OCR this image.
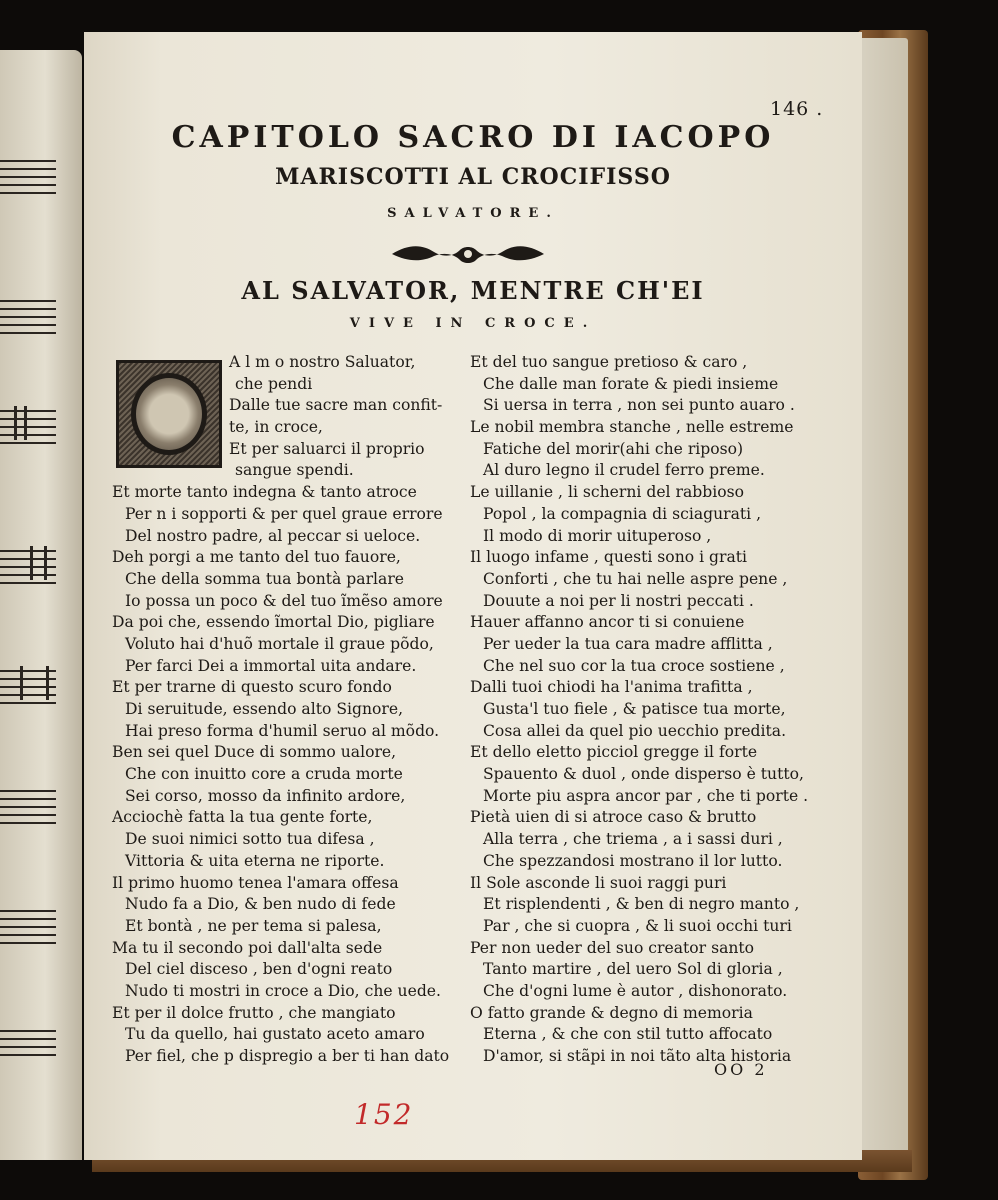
146 .
CAPITOLO SACRO DI IACOPO
MARISCOTTI AL CROCIFISSO
SALVATORE.
AL SALVATOR, MENTRE CH'EI
VIVE IN CROCE.
A l m o nostro Saluator,
che pendi
Dalle tue sacre man confit-
te, in croce,
Et per saluarci il proprio
sangue spendi.
Et morte tanto indegna & tanto atroce
Per n i sopporti & per quel graue errore
Del nostro padre, al peccar si ueloce.
Deh porgi a me tanto del tuo fauore,
Che della somma tua bontà parlare
Io possa un poco & del tuo ĩmẽso amore
Da poi che, essendo ĩmortal Dio, pigliare
Voluto hai d'huõ mortale il graue põdo,
Per farci Dei a immortal uita andare.
Et per trarne di questo scuro fondo
Di seruitude, essendo alto Signore,
Hai preso forma d'humil seruo al mõdo.
Ben sei quel Duce di sommo ualore,
Che con inuitto core a cruda morte
Sei corso, mosso da infinito ardore,
Acciochè fatta la tua gente forte,
De suoi nimici sotto tua difesa ,
Vittoria & uita eterna ne riporte.
Il primo huomo tenea l'amara offesa
Nudo fa a Dio, & ben nudo di fede
Et bontà , ne per tema si palesa,
Ma tu il secondo poi dall'alta sede
Del ciel disceso , ben d'ogni reato
Nudo ti mostri in croce a Dio, che uede.
Et per il dolce frutto , che mangiato
Tu da quello, hai gustato aceto amaro
Per fiel, che p dispregio a ber ti han dato
Et del tuo sangue pretioso & caro ,
Che dalle man forate & piedi insieme
Si uersa in terra , non sei punto auaro .
Le nobil membra stanche , nelle estreme
Fatiche del morir(ahi che riposo)
Al duro legno il crudel ferro preme.
Le uillanie , li scherni del rabbioso
Popol , la compagnia di sciagurati ,
Il modo di morir uituperoso ,
Il luogo infame , questi sono i grati
Conforti , che tu hai nelle aspre pene ,
Douute a noi per li nostri peccati .
Hauer affanno ancor ti si conuiene
Per ueder la tua cara madre afflitta ,
Che nel suo cor la tua croce sostiene ,
Dalli tuoi chiodi ha l'anima trafitta ,
Gusta'l tuo fiele , & patisce tua morte,
Cosa allei da quel pio uecchio predita.
Et dello eletto picciol gregge il forte
Spauento & duol , onde disperso è tutto,
Morte piu aspra ancor par , che ti porte .
Pietà uien di si atroce caso & brutto
Alla terra , che triema , a i sassi duri ,
Che spezzandosi mostrano il lor lutto.
Il Sole asconde li suoi raggi puri
Et risplendenti , & ben di negro manto ,
Par , che si cuopra , & li suoi occhi turi
Per non ueder del suo creator santo
Tanto martire , del uero Sol di gloria ,
Che d'ogni lume è autor , dishonorato.
O fatto grande & degno di memoria
Eterna , & che con stil tutto affocato
D'amor, si stãpi in noi tãto alta historia
OO 2
152
